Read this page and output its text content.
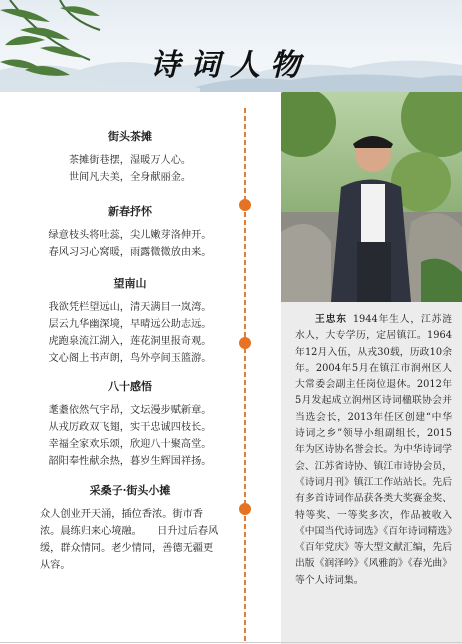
诗词人物
街头茶摊
茶摊街巷摆，湿暖万人心。
世间凡夫美，全身献丽金。
新春抒怀
绿意枝头将吐蕊，尖儿嫩芽洛伸开。
春风习习心窝暖，雨露微微放由来。
望南山
我欲凭栏望远山，清天满目一岚湾。
层云九华幽深境，早晴远公助志远。
虎跑泉流江湖入，莲花洞里报奇观。
文心阁上书声朗，鸟外亭间玉篮游。
八十感悟
耄耋依然气宇昂，文坛漫步赋新章。
从戎厉政双飞翅，实干忠诚四枝长。
幸福全家欢乐颂，欣迎八十聚高堂。
韶阳奉性献余热，暮岁生辉国祥扬。
采桑子·街头小摊
众人创业开天涌，插位香浓。街市香浓。晨练归来心境融。　　日升过后春风缓，群众情同。老少情同，善德无疆更从容。
王忠东 1944年生人，江苏涟水人，大专学历，定居镇江。1964年12月入伍，从戎30载，历政10余年。2004年5月在镇江市润州区人大常委会副主任岗位退休。2012年5月发起成立润州区诗词楹联协会并当选会长，2013年任区创建“中华诗词之乡”领导小组副组长，2015年为区诗协名誉会长。为中华诗词学会、江苏省诗协、镇江市诗协会员，《诗词月刊》镇江工作站站长。先后有多首诗词作品获各类大奖赛金奖、特等奖、一等奖多次，作品被收入《中国当代诗词选》《百年诗词精选》《百年党庆》等大型文献汇编，先后出版《润泽吟》《风雅韵》《春光曲》等个人诗词集。
